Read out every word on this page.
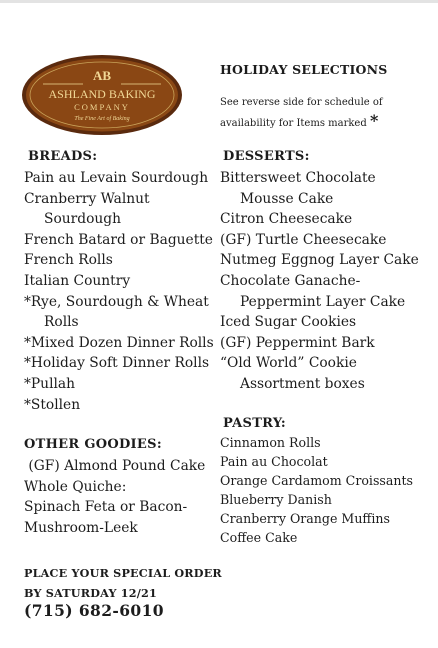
AB
ASHLAND BAKING
COMPANY
The Fine Art of Baking
HOLIDAY SELECTIONS
See reverse side for schedule of availability for Items marked *
BREADS:
Pain au Levain Sourdough
Cranberry Walnut
Sourdough
French Batard or Baguette
French Rolls
Italian Country
*Rye, Sourdough & Wheat
Rolls
*Mixed Dozen Dinner Rolls
*Holiday Soft Dinner Rolls
*Pullah
*Stollen
DESSERTS:
Bittersweet Chocolate
Mousse Cake
Citron Cheesecake
(GF) Turtle Cheesecake
Nutmeg Eggnog Layer Cake
Chocolate Ganache-
Peppermint Layer Cake
Iced Sugar Cookies
(GF) Peppermint Bark
“Old World” Cookie
Assortment boxes
OTHER GOODIES:
(GF) Almond Pound Cake
Whole Quiche:
Spinach Feta or Bacon-
Mushroom-Leek
PASTRY:
Cinnamon Rolls
Pain au Chocolat
Orange Cardamom Croissants
Blueberry Danish
Cranberry Orange Muffins
Coffee Cake
PLACE YOUR SPECIAL ORDER
BY SATURDAY 12/21
(715) 682-6010
